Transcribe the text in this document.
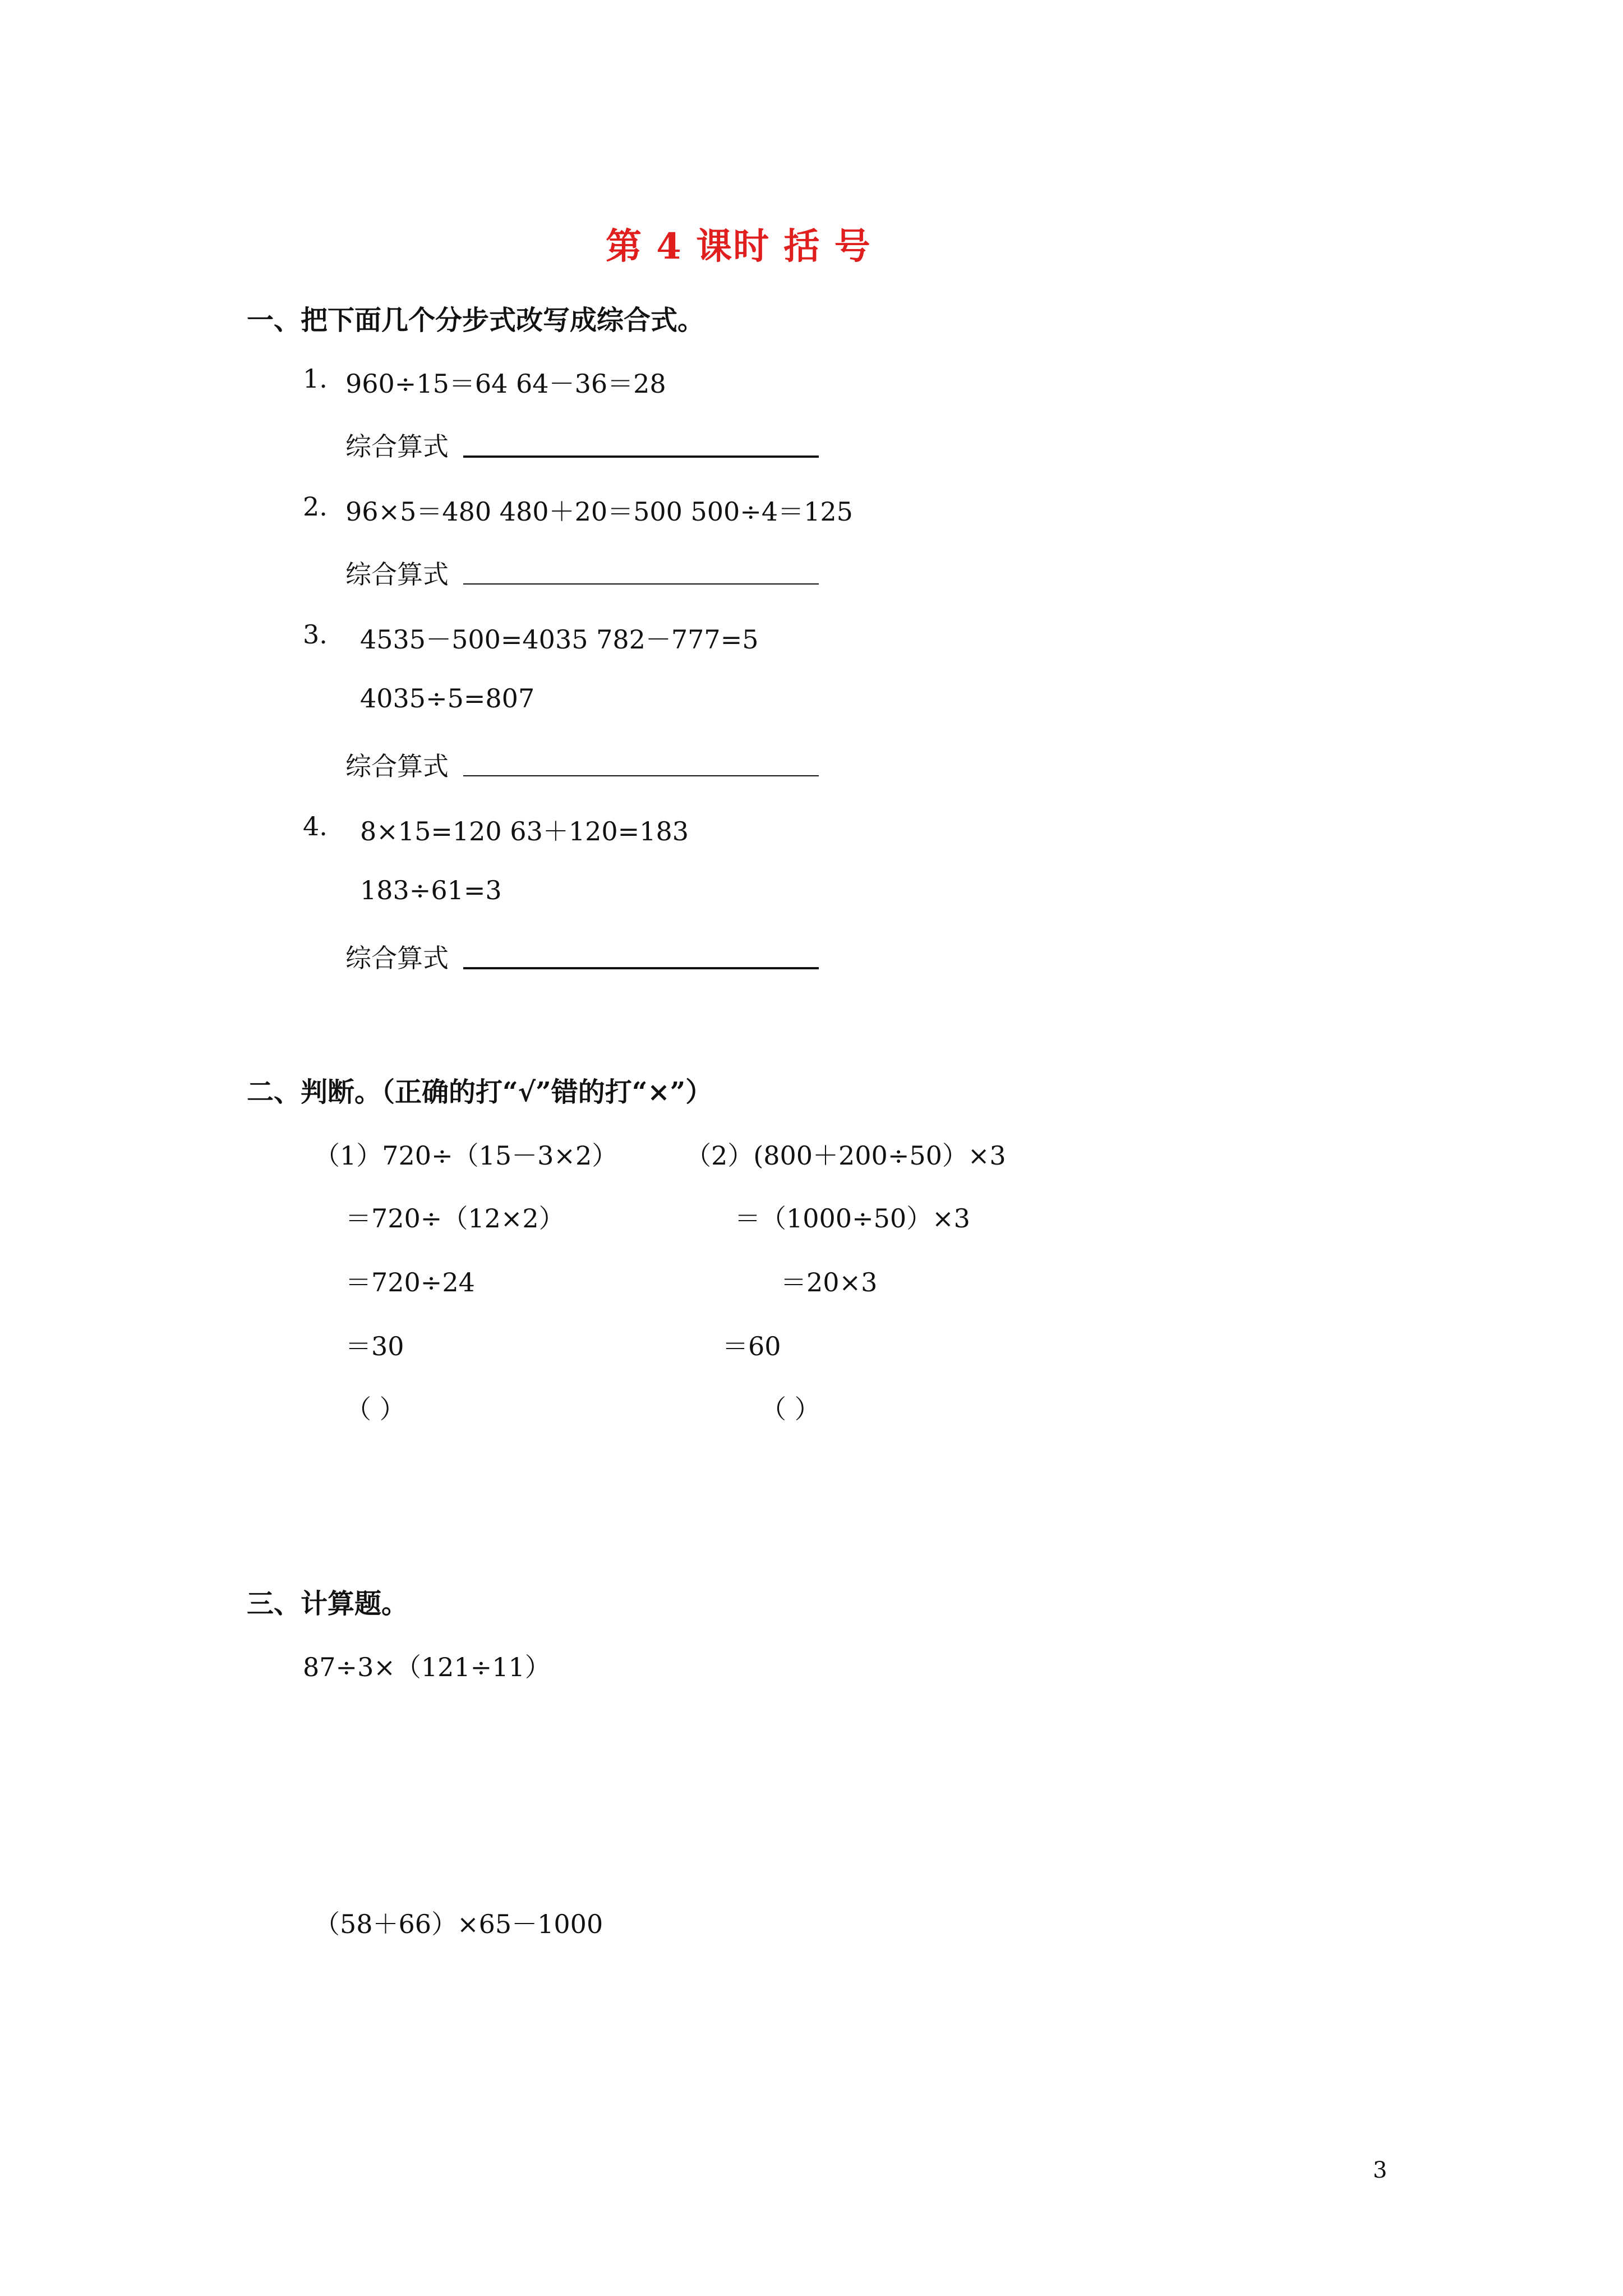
第 4 课时 括 号
一、把下面几个分步式改写成综合式。
1. 960÷15＝64 64－36＝28
综合算式
2. 96×5＝480 480＋20＝500 500÷4＝125
综合算式
3. 4535－500=4035 782－777=5
4035÷5=807
综合算式
4. 8×15=120 63＋120=183
183÷61=3
综合算式
二、判断。（正确的打“√”错的打“×”）
（1）720÷（15－3×2）
＝720÷（12×2）
＝720÷24
＝30
（ ）
（2）(800＋200÷50）×3
＝（1000÷50）×3
＝20×3
＝60
（ ）
三、计算题。
87÷3×（121÷11）
（58＋66）×65－1000
3
